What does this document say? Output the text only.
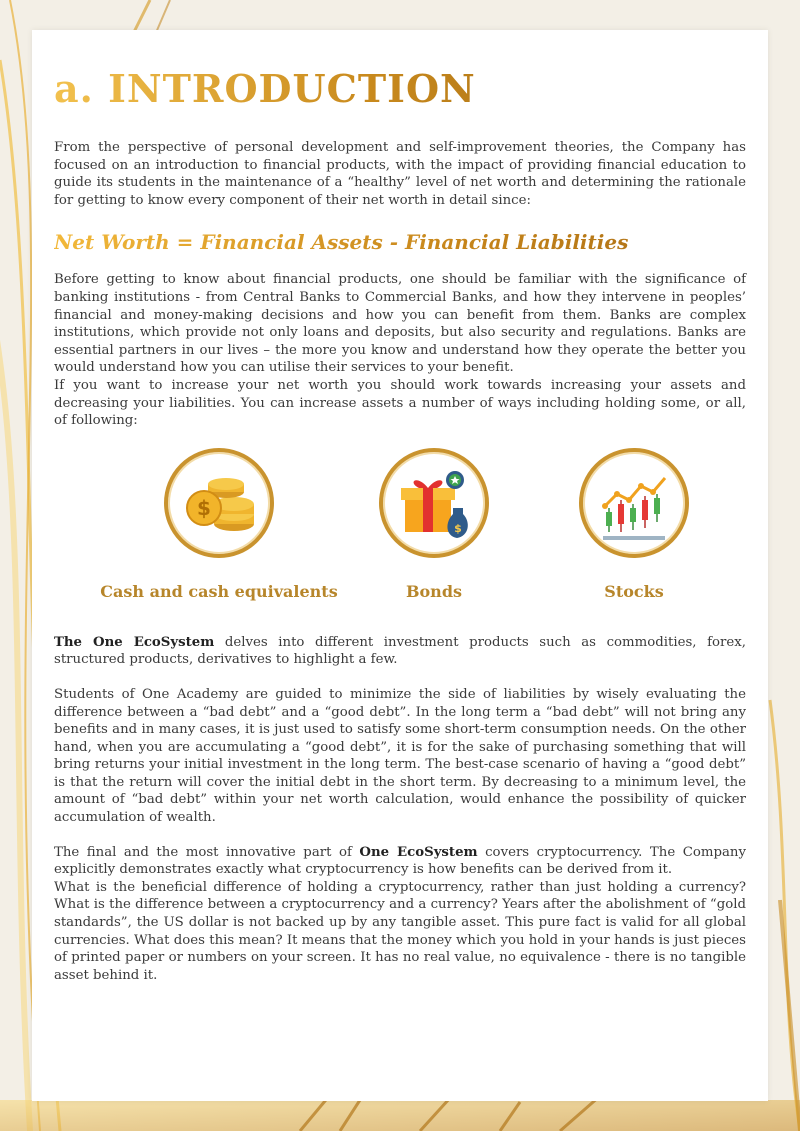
a. INTRODUCTION

From the perspective of personal development and self-improvement theories, the Company has focused on an introduction to financial products, with the impact of providing financial education to guide its students in the maintenance of a “healthy” level of net worth and determining the rationale for getting to know every component of their net worth in detail since:

Net Worth = Financial Assets - Financial Liabilities

Before getting to know about financial products, one should be familiar with the significance of banking institutions - from Central Banks to Commercial Banks, and how they intervene in peoples’ financial and money-making decisions and how you can benefit from them. Banks are complex institutions, which provide not only loans and deposits, but also security and regulations. Banks are essential partners in our lives – the more you know and understand how they operate the better you would understand how you can utilise their services to your benefit.

If you want to increase your net worth you should work towards increasing your assets and decreasing your liabilities. You can increase assets a number of ways including holding some, or all, of following:

$
Cash and cash equivalents
$
Bonds	Stocks

The One EcoSystem delves into different investment products such as commodities, forex, structured products, derivatives to highlight a few.

Students of One Academy are guided to minimize the side of liabilities by wisely evaluating the difference between a “bad debt” and a “good debt”. In the long term a “bad debt” will not bring any benefits and in many cases, it is just used to satisfy some short-term consumption needs. On the other hand, when you are accumulating a “good debt”, it is for the sake of purchasing something that will bring returns your initial investment in the long term. The best-case scenario of having a “good debt” is that the return will cover the initial debt in the short term. By decreasing to a minimum level, the amount of “bad debt” within your net worth calculation, would enhance the possibility of quicker accumulation of wealth.

The final and the most innovative part of One EcoSystem covers cryptocurrency. The Company explicitly demonstrates exactly what cryptocurrency is how benefits can be derived from it.

What is the beneficial difference of holding a cryptocurrency, rather than just holding a currency? What is the difference between a cryptocurrency and a currency? Years after the abolishment of “gold standards”, the US dollar is not backed up by any tangible asset. This pure fact is valid for all global currencies. What does this mean? It means that the money which you hold in your hands is just pieces of printed paper or numbers on your screen. It has no real value, no equivalence - there is no tangible asset behind it.
